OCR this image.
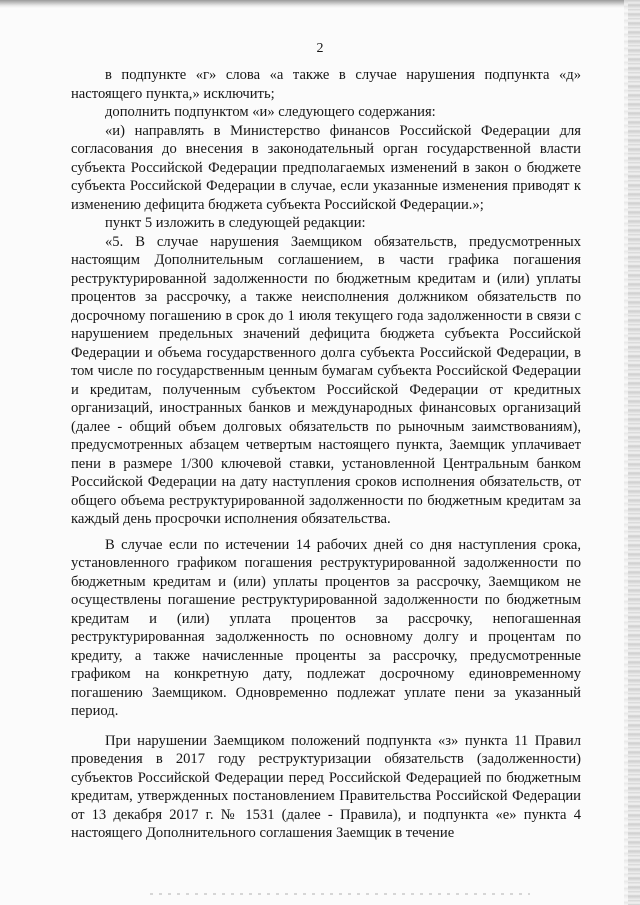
2

в подпункте «г» слова «а также в случае нарушения подпункта «д» настоящего пункта,» исключить;

дополнить подпунктом «и» следующего содержания:

«и) направлять в Министерство финансов Российской Федерации для согласования до внесения в законодательный орган государственной власти субъекта Российской Федерации предполагаемых изменений в закон о бюджете субъекта Российской Федерации в случае, если указанные изменения приводят к изменению дефицита бюджета субъекта Российской Федерации.»;

пункт 5 изложить в следующей редакции:

«5. В случае нарушения Заемщиком обязательств, предусмотренных настоящим Дополнительным соглашением, в части графика погашения реструктурированной задолженности по бюджетным кредитам и (или) уплаты процентов за рассрочку, а также неисполнения должником обязательств по досрочному погашению в срок до 1 июля текущего года задолженности в связи с нарушением предельных значений дефицита бюджета субъекта Российской Федерации и объема государственного долга субъекта Российской Федерации, в том числе по государственным ценным бумагам субъекта Российской Федерации и кредитам, полученным субъектом Российской Федерации от кредитных организаций, иностранных банков и международных финансовых организаций (далее - общий объем долговых обязательств по рыночным заимствованиям), предусмотренных абзацем четвертым настоящего пункта, Заемщик уплачивает пени в размере 1/300 ключевой ставки, установленной Центральным банком Российской Федерации на дату наступления сроков исполнения обязательств, от общего объема реструктурированной задолженности по бюджетным кредитам за каждый день просрочки исполнения обязательства.

В случае если по истечении 14 рабочих дней со дня наступления срока, установленного графиком погашения реструктурированной задолженности по бюджетным кредитам и (или) уплаты процентов за рассрочку, Заемщиком не осуществлены погашение реструктурированной задолженности по бюджетным кредитам и (или) уплата процентов за рассрочку, непогашенная реструктурированная задолженность по основному долгу и процентам по кредиту, а также начисленные проценты за рассрочку, предусмотренные графиком на конкретную дату, подлежат досрочному единовременному погашению Заемщиком. Одновременно подлежат уплате пени за указанный период.

При нарушении Заемщиком положений подпункта «з» пункта 11 Правил проведения в 2017 году реструктуризации обязательств (задолженности) субъектов Российской Федерации перед Российской Федерацией по бюджетным кредитам, утвержденных постановлением Правительства Российской Федерации от 13 декабря 2017 г. № 1531 (далее - Правила), и подпункта «е» пункта 4 настоящего Дополнительного соглашения Заемщик в течение
